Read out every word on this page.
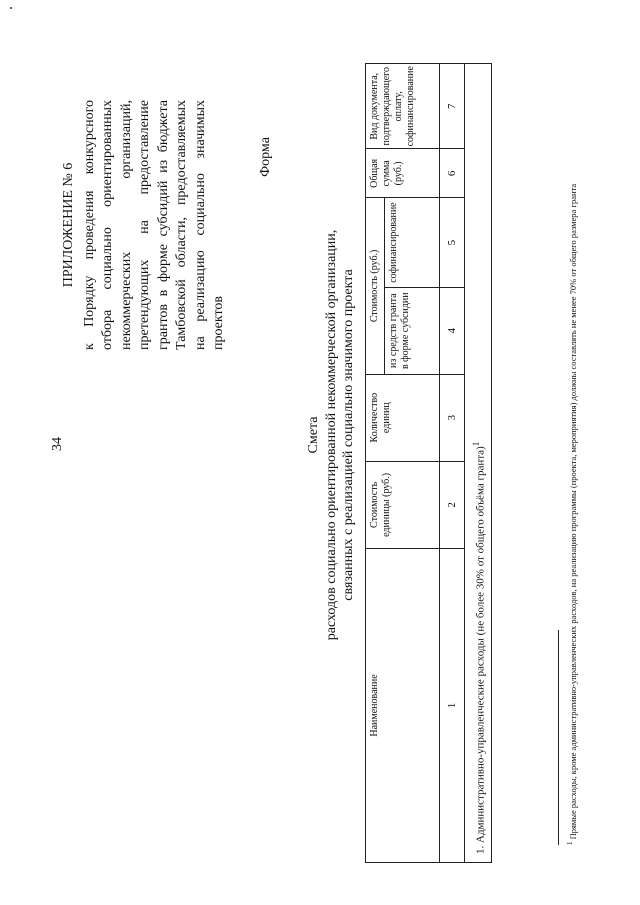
34
ПРИЛОЖЕНИЕ № 6 к Порядку проведения конкурсного отбора социально ориентированных некоммерческих организаций, претендующих на предоставление грантов в форме субсидий из бюджета Тамбовской области, предоставляемых на реализацию социально значимых проектов
Форма
Смета расходов социально ориентированной некоммерческой организации, связанных с реализацией социально значимого проекта
Наименование	Стоимость единицы (руб.)	Количество единиц	Стоимость (руб.)		Общая сумма (руб.)	Вид документа, подтверждающего оплату, софинансирование
			из средств гранта в форме субсидии	софинансирование		
1	2	3	4	5	6	7
1. Административно-управленческие расходы (не более 30% от общего объёма гранта)$^1$
$^1$ Прямые расходы, кроме административно-управленческих расходов, на реализацию программы (проекта, мероприятия) должны составлять не менее 70% от общего размера гранта
